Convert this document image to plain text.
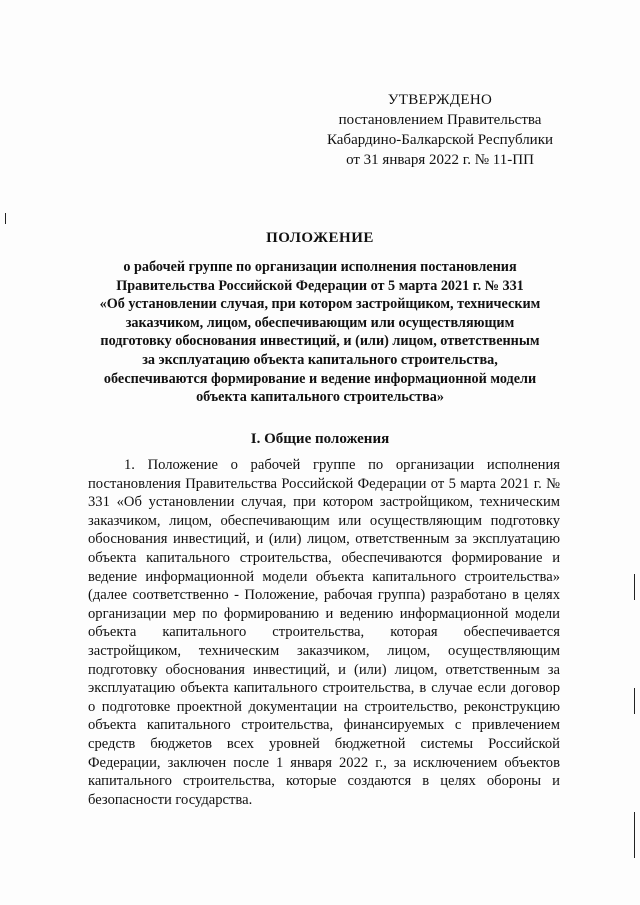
УТВЕРЖДЕНО
постановлением Правительства
Кабардино-Балкарской Республики
от 31 января 2022 г. № 11-ПП
ПОЛОЖЕНИЕ
о рабочей группе по организации исполнения постановления
Правительства Российской Федерации от 5 марта 2021 г. № 331
«Об установлении случая, при котором застройщиком, техническим
заказчиком, лицом, обеспечивающим или осуществляющим
подготовку обоснования инвестиций, и (или) лицом, ответственным
за эксплуатацию объекта капитального строительства,
обеспечиваются формирование и ведение информационной модели
объекта капитального строительства»
I. Общие положения

1. Положение о рабочей группе по организации исполнения постановления Правительства Российской Федерации от 5 марта 2021 г. № 331 «Об установлении случая, при котором застройщиком, техническим заказчиком, лицом, обеспечивающим или осуществляющим подготовку обоснования инвестиций, и (или) лицом, ответственным за эксплуатацию объекта капитального строительства, обеспечиваются формирование и ведение информационной модели объекта капитального строительства» (далее соответственно - Положение, рабочая группа) разработано в целях организации мер по формированию и ведению информационной модели объекта капитального строительства, которая обеспечивается застройщиком, техническим заказчиком, лицом, осуществляющим подготовку обоснования инвестиций, и (или) лицом, ответственным за эксплуатацию объекта капитального строительства, в случае если договор о подготовке проектной документации на строительство, реконструкцию объекта капитального строительства, финансируемых с привлечением средств бюджетов всех уровней бюджетной системы Российской Федерации, заключен после 1 января 2022 г., за исключением объектов капитального строительства, которые создаются в целях обороны и безопасности государства.
